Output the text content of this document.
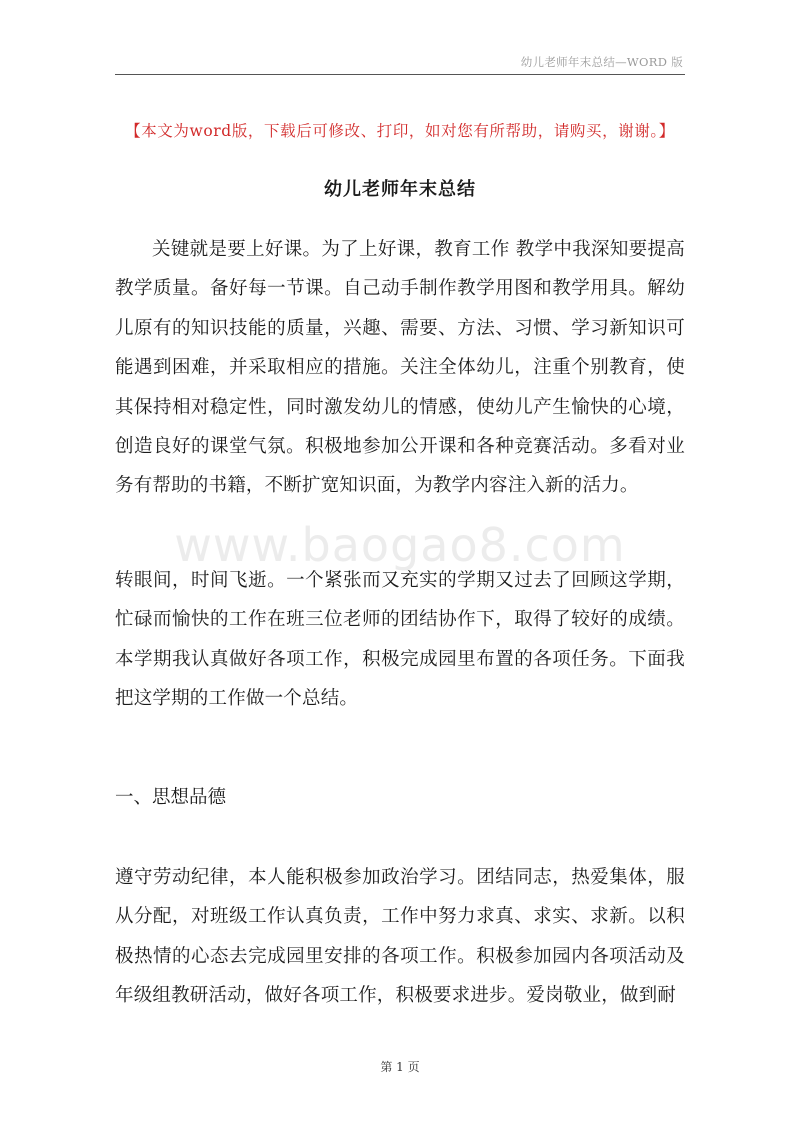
幼儿老师年末总结—WORD 版
【本文为word版，下载后可修改、打印，如对您有所帮助，请购买，谢谢。】
幼儿老师年末总结

关键就是要上好课。为了上好课，教育工作 教学中我深知要提高教学质量。备好每一节课。自己动手制作教学用图和教学用具。解幼儿原有的知识技能的质量，兴趣、需要、方法、习惯、学习新知识可能遇到困难，并采取相应的措施。关注全体幼儿，注重个别教育，使其保持相对稳定性，同时激发幼儿的情感，使幼儿产生愉快的心境，创造良好的课堂气氛。积极地参加公开课和各种竞赛活动。多看对业务有帮助的书籍，不断扩宽知识面，为教学内容注入新的活力。

www.baogao8.com

转眼间，时间飞逝。一个紧张而又充实的学期又过去了回顾这学期，忙碌而愉快的工作在班三位老师的团结协作下，取得了较好的成绩。本学期我认真做好各项工作，积极完成园里布置的各项任务。下面我把这学期的工作做一个总结。

一、思想品德

遵守劳动纪律，本人能积极参加政治学习。团结同志，热爱集体，服从分配，对班级工作认真负责，工作中努力求真、求实、求新。以积极热情的心态去完成园里安排的各项工作。积极参加园内各项活动及年级组教研活动，做好各项工作，积极要求进步。爱岗敬业，做到耐

第 1 页
